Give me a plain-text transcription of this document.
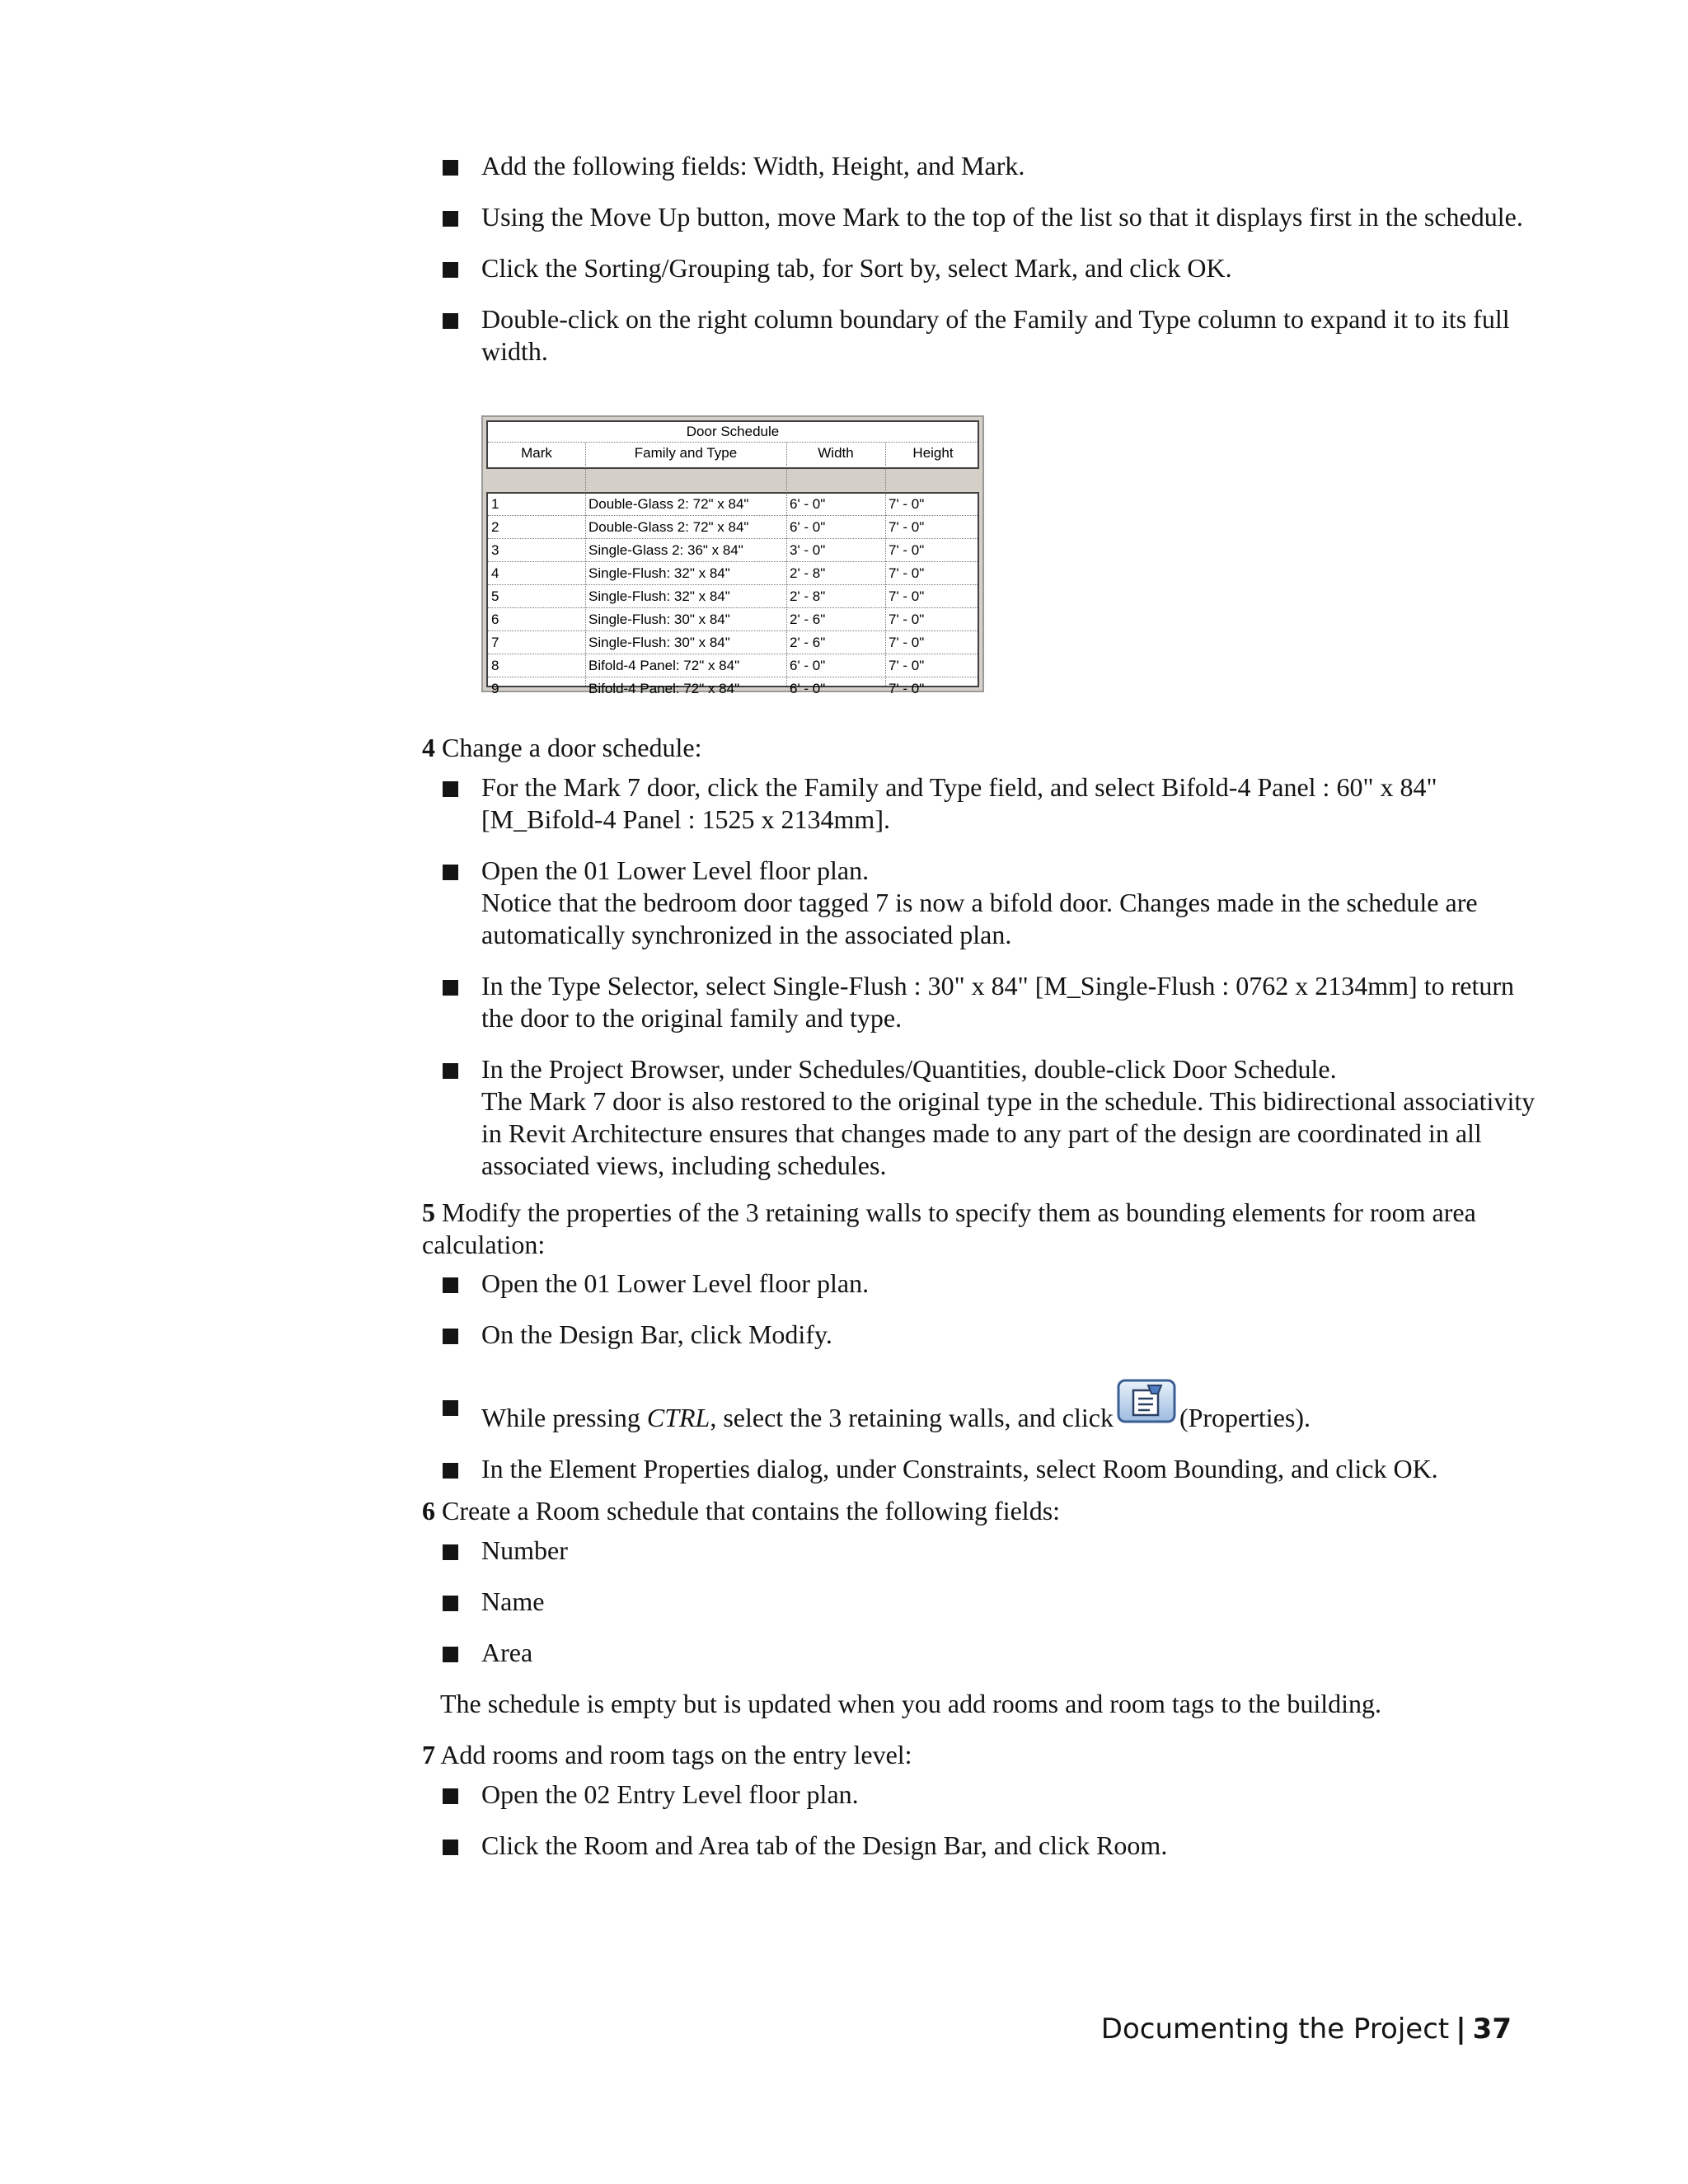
Add the following fields: Width, Height, and Mark.
Using the Move Up button, move Mark to the top of the list so that it displays first in the schedule.
Click the Sorting/Grouping tab, for Sort by, select Mark, and click OK.
Double-click on the right column boundary of the Family and Type column to expand it to its full width.
Door Schedule
Mark	Family and Type	Width	Height
1	Double-Glass 2: 72" x 84"	6' - 0"	7' - 0"
2	Double-Glass 2: 72" x 84"	6' - 0"	7' - 0"
3	Single-Glass 2: 36" x 84"	3' - 0"	7' - 0"
4	Single-Flush: 32" x 84"	2' - 8"	7' - 0"
5	Single-Flush: 32" x 84"	2' - 8"	7' - 0"
6	Single-Flush: 30" x 84"	2' - 6"	7' - 0"
7	Single-Flush: 30" x 84"	2' - 6"	7' - 0"
8	Bifold-4 Panel: 72" x 84"	6' - 0"	7' - 0"
9	Bifold-4 Panel: 72" x 84"	6' - 0"	7' - 0"
4 Change a door schedule:
For the Mark 7 door, click the Family and Type field, and select Bifold-4 Panel : 60" x 84" [M_Bifold-4 Panel : 1525 x 2134mm].
Open the 01 Lower Level floor plan.
Notice that the bedroom door tagged 7 is now a bifold door. Changes made in the schedule are automatically synchronized in the associated plan.
In the Type Selector, select Single-Flush : 30" x 84" [M_Single-Flush : 0762 x 2134mm] to return the door to the original family and type.
In the Project Browser, under Schedules/Quantities, double-click Door Schedule.
The Mark 7 door is also restored to the original type in the schedule. This bidirectional associativity in Revit Architecture ensures that changes made to any part of the design are coordinated in all associated views, including schedules.
5 Modify the properties of the 3 retaining walls to specify them as bounding elements for room area calculation:
Open the 01 Lower Level floor plan.
On the Design Bar, click Modify.
While pressing CTRL, select the 3 retaining walls, and click	(Properties).
In the Element Properties dialog, under Constraints, select Room Bounding, and click OK.
6 Create a Room schedule that contains the following fields:
Number
Name
Area
The schedule is empty but is updated when you add rooms and room tags to the building.
7 Add rooms and room tags on the entry level:
Open the 02 Entry Level floor plan.
Click the Room and Area tab of the Design Bar, and click Room.
Documenting the Project | 37
